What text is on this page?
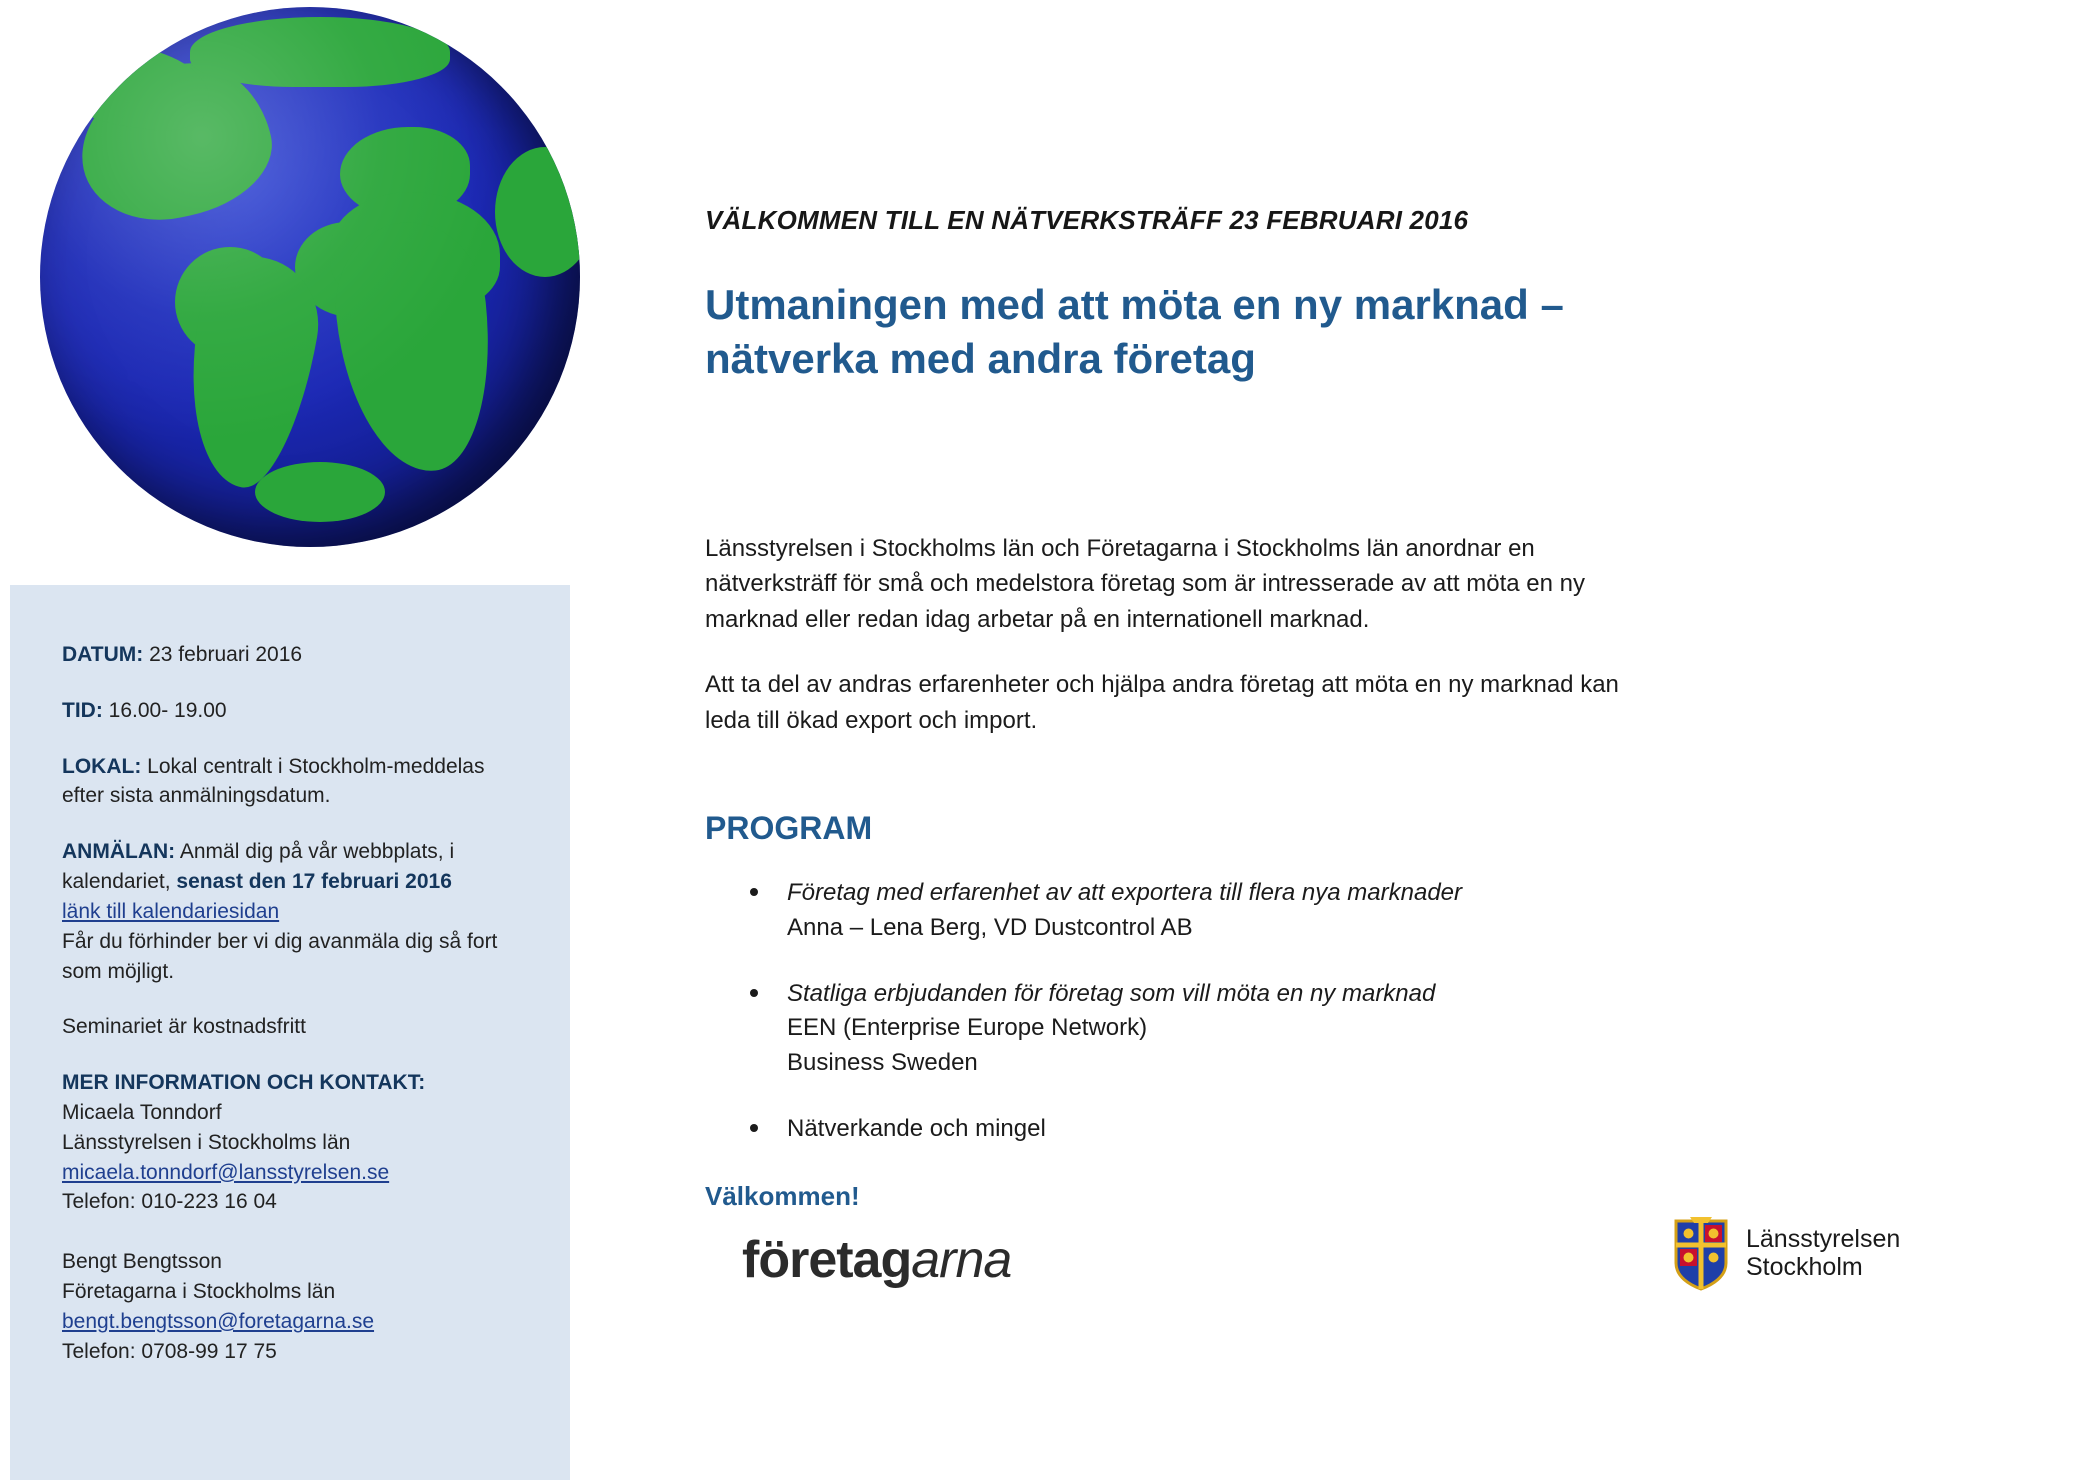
DATUM: 23 februari 2016

TID: 16.00- 19.00

LOKAL: Lokal centralt i Stockholm-meddelas efter sista anmälningsdatum.

ANMÄLAN: Anmäl dig på vår webbplats, i kalendariet, senast den 17 februari 2016

länk till kalendariesidan

Får du förhinder ber vi dig avanmäla dig så fort som möjligt.

Seminariet är kostnadsfritt

MER INFORMATION OCH KONTAKT:

Micaela Tonndorf
Länsstyrelsen i Stockholms län
micaela.tonndorf@lansstyrelsen.se
Telefon: 010-223 16 04

Bengt Bengtsson
Företagarna i Stockholms län
bengt.bengtsson@foretagarna.se
Telefon: 0708-99 17 75

VÄLKOMMEN TILL EN NÄTVERKSTRÄFF 23 FEBRUARI 2016
Utmaningen med att möta en ny marknad – nätverka med andra företag

Länsstyrelsen i Stockholms län och Företagarna i Stockholms län anordnar en nätverksträff för små och medelstora företag som är intresserade av att möta en ny marknad eller redan idag arbetar på en internationell marknad.

Att ta del av andras erfarenheter och hjälpa andra företag att möta en ny marknad kan leda till ökad export och import.

PROGRAM
• Företag med erfarenhet av att exportera till flera nya marknader
Anna – Lena Berg, VD Dustcontrol AB
• Statliga erbjudanden för företag som vill möta en ny marknad
EEN (Enterprise Europe Network)
Business Sweden
• Nätverkande och mingel
Välkommen!
företagarna	Länsstyrelsen
Stockholm
